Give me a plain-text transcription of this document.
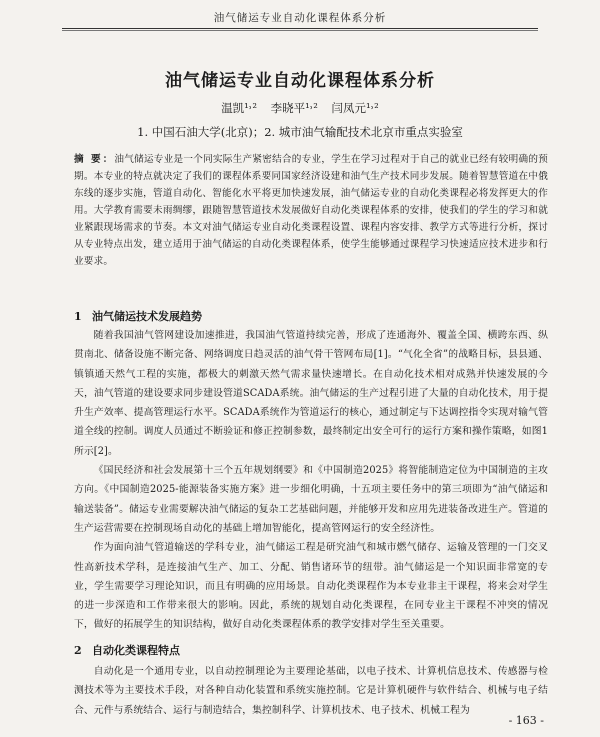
油气储运专业自动化课程体系分析
油气储运专业自动化课程体系分析
温凯¹˒² 李晓平¹˒² 闫凤元¹˒²
1. 中国石油大学(北京)；2. 城市油气输配技术北京市重点实验室
摘 要：油气储运专业是一个同实际生产紧密结合的专业，学生在学习过程对于自己的就业已经有较明确的预期。本专业的特点就决定了我们的课程体系要同国家经济设建和油气生产技术同步发展。随着智慧管道在中俄东线的逐步实施，管道自动化、智能化水平将更加快速发展，油气储运专业的自动化类课程必将发挥更大的作用。大学教育需要未雨绸缪，跟随智慧管道技术发展做好自动化类课程体系的安排，使我们的学生的学习和就业紧跟现场需求的节奏。本文对油气储运专业自动化类课程设置、课程内容安排、教学方式等进行分析，探讨从专业特点出发，建立适用于油气储运的自动化类课程体系，使学生能够通过课程学习快速适应技术进步和行业要求。
1 油气储运技术发展趋势

随着我国油气管网建设加速推进，我国油气管道持续完善，形成了连通海外、覆盖全国、横跨东西、纵贯南北、储备设施不断完备、网络调度日趋灵活的油气骨干管网布局[1]。“气化全省”的战略目标，县县通、镇镇通天然气工程的实施，都极大的刺激天然气需求量快速增长。在自动化技术相对成熟并快速发展的今天，油气管道的建设要求同步建设管道SCADA系统。油气储运的生产过程引进了大量的自动化技术，用于提升生产效率、提高管理运行水平。SCADA系统作为管道运行的核心，通过制定与下达调控指令实现对输气管道全线的控制。调度人员通过不断验证和修正控制参数，最终制定出安全可行的运行方案和操作策略，如图1所示[2]。

《国民经济和社会发展第十三个五年规划纲要》和《中国制造2025》将智能制造定位为中国制造的主攻方向。《中国制造2025-能源装备实施方案》进一步细化明确，十五项主要任务中的第三项即为“油气储运和输送装备”。储运专业需要解决油气储运的复杂工艺基础问题，并能够开发和应用先进装备改进生产。管道的生产运营需要在控制现场自动化的基础上增加智能化，提高管网运行的安全经济性。

作为面向油气管道输送的学科专业，油气储运工程是研究油气和城市燃气储存、运输及管理的一门交叉性高新技术学科，是连接油气生产、加工、分配、销售诸环节的纽带。油气储运是一个知识面非常宽的专业，学生需要学习理论知识，而且有明确的应用场景。自动化类课程作为本专业非主干课程，将来会对学生的进一步深造和工作带来很大的影响。因此，系统的规划自动化类课程，在同专业主干课程不冲突的情况下，做好的拓展学生的知识结构，做好自动化类课程体系的教学安排对学生至关重要。

2 自动化类课程特点

自动化是一个通用专业，以自动控制理论为主要理论基础，以电子技术、计算机信息技术、传感器与检测技术等为主要技术手段，对各种自动化装置和系统实施控制。它是计算机硬件与软件结合、机械与电子结合、元件与系统结合、运行与制造结合，集控制科学、计算机技术、电子技术、机械工程为

- 163 -
